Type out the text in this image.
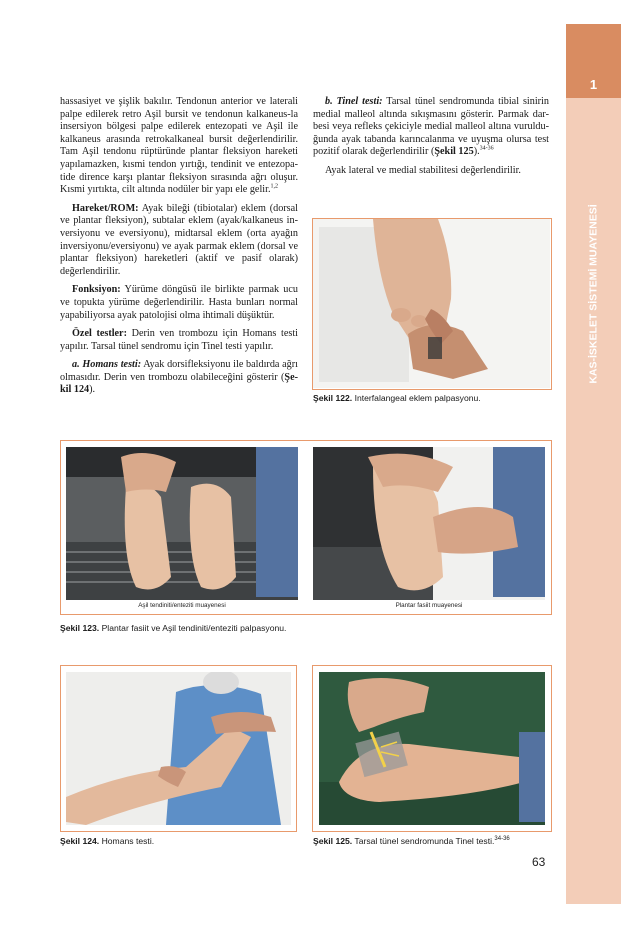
1
KAS-İSKELET SİSTEMİ MUAYENESİ

hassasiyet ve şişlik bakılır. Tendonun anterior ve laterali palpe edilerek retro Aşil bursit ve tendonun kalkaneus-la insersiyon bölgesi palpe edilerek entezopati ve Aşil ile kalkaneus arasında retrokalkaneal bursit değerlendirilir. Tam Aşil tendonu rüptüründe plantar fleksiyon hareketi yapılamazken, kısmi tendon yırtığı, tendinit ve entezopa-tide dirence karşı plantar fleksiyon sırasında ağrı oluşur. Kısmi yırtıkta, cilt altında nodüler bir yapı ele gelir.$^{1,2}$

Hareket/ROM: Ayak bileği (tibiotalar) eklem (dorsal ve plantar fleksiyon), subtalar eklem (ayak/kalkaneus in-versiyonu ve eversiyonu), midtarsal eklem (orta ayağın inversiyonu/eversiyonu) ve ayak parmak eklem (dorsal ve plantar fleksiyon) hareketleri (aktif ve pasif olarak) değerlendirilir.

Fonksiyon: Yürüme döngüsü ile birlikte parmak ucu ve topukta yürüme değerlendirilir. Hasta bunları normal yapabiliyorsa ayak patolojisi olma ihtimali düşüktür.

Özel testler: Derin ven trombozu için Homans testi yapılır. Tarsal tünel sendromu için Tinel testi yapılır.

a. Homans testi: Ayak dorsifleksiyonu ile baldırda ağrı olmasıdır. Derin ven trombozu olabileceğini gösterir (Şe-kil 124).

b. Tinel testi: Tarsal tünel sendromunda tibial sinirin medial malleol altında sıkışmasını gösterir. Parmak dar-besi veya refleks çekiciyle medial malleol altına vuruldu-ğunda ayak tabanda karıncalanma ve uyuşma olursa test pozitif olarak değerlendirilir (Şekil 125).$^{34-36}$

Ayak lateral ve medial stabilitesi değerlendirilir.

Şekil 122. Interfalangeal eklem palpasyonu.
Aşil tendiniti/enteziti muayenesi	Plantar fasiit muayenesi
Şekil 123. Plantar fasiit ve Aşil tendiniti/enteziti palpasyonu.
Şekil 124. Homans testi.	Şekil 125. Tarsal tünel sendromunda Tinel testi.$^{34-36}$
63
